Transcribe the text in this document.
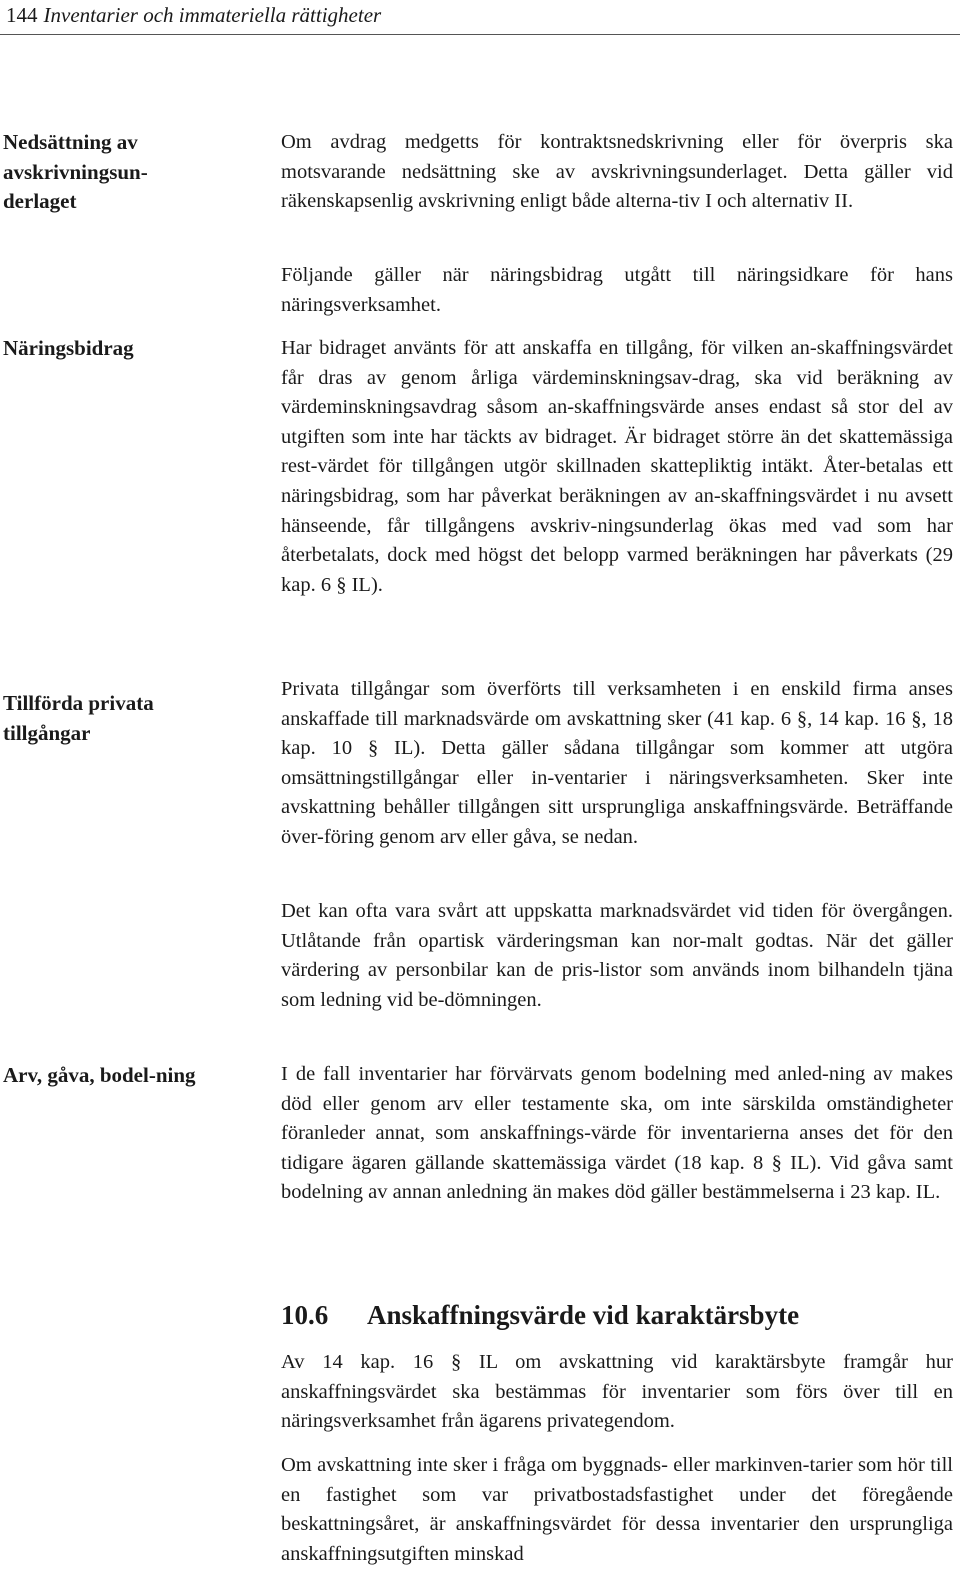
144 Inventarier och immateriella rättigheter
Nedsättning av avskrivningsun-derlaget
Näringsbidrag
Tillförda privata tillgångar
Arv, gåva, bodel-ning
Om avdrag medgetts för kontraktsnedskrivning eller för överpris ska motsvarande nedsättning ske av avskrivningsunderlaget. Detta gäller vid räkenskapsenlig avskrivning enligt både alterna-tiv I och alternativ II.
Följande gäller när näringsbidrag utgått till näringsidkare för hans näringsverksamhet.
Har bidraget använts för att anskaffa en tillgång, för vilken an-skaffningsvärdet får dras av genom årliga värdeminskningsav-drag, ska vid beräkning av värdeminskningsavdrag såsom an-skaffningsvärde anses endast så stor del av utgiften som inte har täckts av bidraget. Är bidraget större än det skattemässiga rest-värdet för tillgången utgör skillnaden skattepliktig intäkt. Åter-betalas ett näringsbidrag, som har påverkat beräkningen av an-skaffningsvärdet i nu avsett hänseende, får tillgångens avskriv-ningsunderlag ökas med vad som har återbetalats, dock med högst det belopp varmed beräkningen har påverkats (29 kap. 6 § IL).
Privata tillgångar som överförts till verksamheten i en enskild firma anses anskaffade till marknadsvärde om avskattning sker (41 kap. 6 §, 14 kap. 16 §, 18 kap. 10 § IL). Detta gäller sådana tillgångar som kommer att utgöra omsättningstillgångar eller in-ventarier i näringsverksamheten. Sker inte avskattning behåller tillgången sitt ursprungliga anskaffningsvärde. Beträffande över-föring genom arv eller gåva, se nedan.
Det kan ofta vara svårt att uppskatta marknadsvärdet vid tiden för övergången. Utlåtande från opartisk värderingsman kan nor-malt godtas. När det gäller värdering av personbilar kan de pris-listor som används inom bilhandeln tjäna som ledning vid be-dömningen.
I de fall inventarier har förvärvats genom bodelning med anled-ning av makes död eller genom arv eller testamente ska, om inte särskilda omständigheter föranleder annat, som anskaffnings-värde för inventarierna anses det för den tidigare ägaren gällande skattemässiga värdet (18 kap. 8 § IL). Vid gåva samt bodelning av annan anledning än makes död gäller bestämmelserna i 23 kap. IL.
10.6 Anskaffningsvärde vid karaktärsbyte
Av 14 kap. 16 § IL om avskattning vid karaktärsbyte framgår hur anskaffningsvärdet ska bestämmas för inventarier som förs över till en näringsverksamhet från ägarens privategendom.
Om avskattning inte sker i fråga om byggnads- eller markinven-tarier som hör till en fastighet som var privatbostadsfastighet under det föregående beskattningsåret, är anskaffningsvärdet för dessa inventarier den ursprungliga anskaffningsutgiften minskad
